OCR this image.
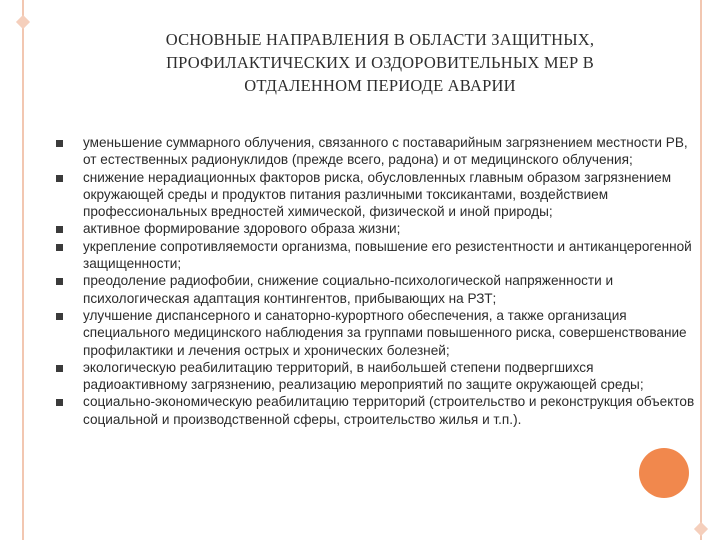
ОСНОВНЫЕ НАПРАВЛЕНИЯ В ОБЛАСТИ ЗАЩИТНЫХ,
ПРОФИЛАКТИЧЕСКИХ И ОЗДОРОВИТЕЛЬНЫХ МЕР В
ОТДАЛЕННОМ ПЕРИОДЕ АВАРИИ
уменьшение суммарного облучения, связанного с поставарийным загрязнением местности РВ, от естественных радионуклидов (прежде всего, радона) и от медицинского облучения;
снижение нерадиационных факторов риска, обусловленных главным образом загрязнением окружающей среды и продуктов питания различными токсикантами, воздействием профессиональных вредностей химической, физической и иной природы;
активное формирование здорового образа жизни;
укрепление сопротивляемости организма, повышение его резистентности и антиканцерогенной защищенности;
преодоление радиофобии, снижение социально-психологической напряженности и психологическая адаптация контингентов, прибывающих на РЗТ;
улучшение диспансерного и санаторно-курортного обеспечения, а также организация специального медицинского наблюдения за группами повышенного риска, совершенствование профилактики и лечения острых и хронических болезней;
экологическую реабилитацию территорий, в наибольшей степени подвергшихся радиоактивному загрязнению, реализацию мероприятий по защите окружающей среды;
социально-экономическую реабилитацию территорий (строительство и реконструкция объектов социальной и производственной сферы, строительство жилья и т.п.).
